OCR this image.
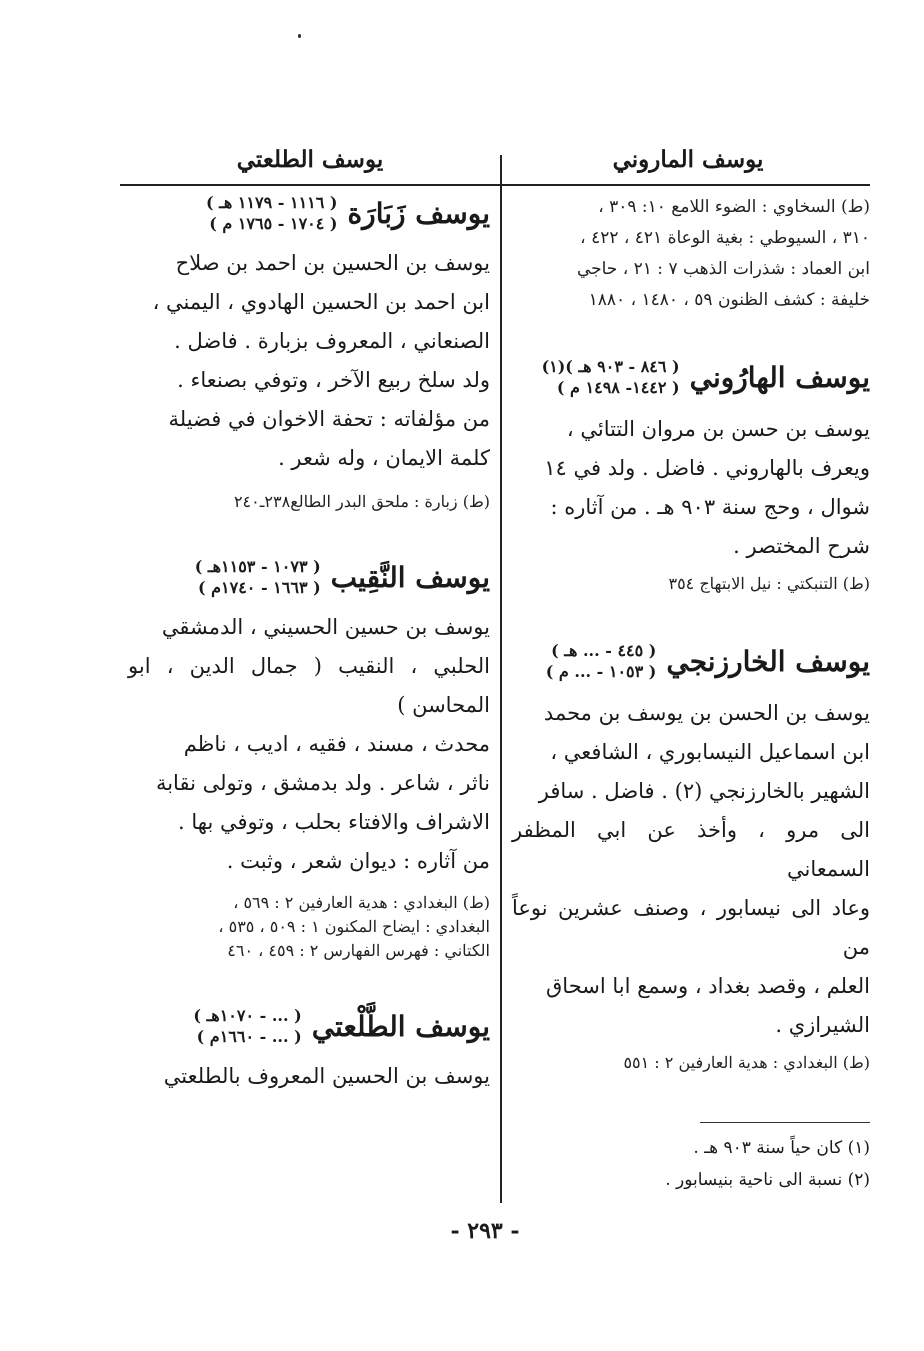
يوسف الماروني
يوسف الطلعتي

(ط) السخاوي : الضوء اللامع ١٠: ٣٠٩ ،

٣١٠ ، السيوطي : بغية الوعاة ٤٢١ ، ٤٢٢ ،

ابن العماد : شذرات الذهب ٧ : ٢١ ، حاجي

خليفة : كشف الظنون ٥٩ ، ١٤٨٠ ، ١٨٨٠

يوسف الهارُوني
( ٨٤٦ - ٩٠٣ هـ )(١)
( ١٤٤٢- ١٤٩٨ م )

يوسف بن حسن بن مروان التتائي ،

ويعرف بالهاروني . فاضل . ولد في ١٤

شوال ، وحج سنة ٩٠٣ هـ . من آثاره :

شرح المختصر .

(ط) التنبكتي : نيل الابتهاج ٣٥٤

يوسف الخارزنجي
( ٤٤٥ - ... هـ )
( ١٠٥٣ - ... م )

يوسف بن الحسن بن يوسف بن محمد

ابن اسماعيل النيسابوري ، الشافعي ،

الشهير بالخارزنجي (٢) . فاضل . سافر

الى مرو ، وأخذ عن ابي المظفر السمعاني

وعاد الى نيسابور ، وصنف عشرين نوعاً من

العلم ، وقصد بغداد ، وسمع ابا اسحاق

الشيرازي .

(ط) البغدادي : هدية العارفين ٢ : ٥٥١

(١) كان حياً سنة ٩٠٣ هـ .

(٢) نسبة الى ناحية بنيسابور .

يوسف زَبَارَة
( ١١١٦ - ١١٧٩ هـ )
( ١٧٠٤ - ١٧٦٥ م )

يوسف بن الحسين بن احمد بن صلاح

ابن احمد بن الحسين الهادوي ، اليمني ،

الصنعاني ، المعروف بزبارة . فاضل .

ولد سلخ ربيع الآخر ، وتوفي بصنعاء .

من مؤلفاته : تحفة الاخوان في فضيلة

كلمة الايمان ، وله شعر .

(ط) زبارة : ملحق البدر الطالع٢٣٨ـ٢٤٠

يوسف النَّقِيب
( ١٠٧٣ - ١١٥٣هـ )
( ١٦٦٣ - ١٧٤٠م )

يوسف بن حسين الحسيني ، الدمشقي

الحلبي ، النقيب ( جمال الدين ، ابو المحاسن )

محدث ، مسند ، فقيه ، اديب ، ناظم

ناثر ، شاعر . ولد بدمشق ، وتولى نقابة

الاشراف والافتاء بحلب ، وتوفي بها .

من آثاره : ديوان شعر ، وثبت .

(ط) البغدادي : هدية العارفين ٢ : ٥٦٩ ،

البغدادي : ايضاح المكنون ١ : ٥٠٩ ، ٥٣٥ ،

الكتاني : فهرس الفهارس ٢ : ٤٥٩ ، ٤٦٠

يوسف الطَّلْعتي
( ... - ١٠٧٠هـ )
( ... - ١٦٦٠م )

يوسف بن الحسين المعروف بالطلعتي

- ٢٩٣ -
